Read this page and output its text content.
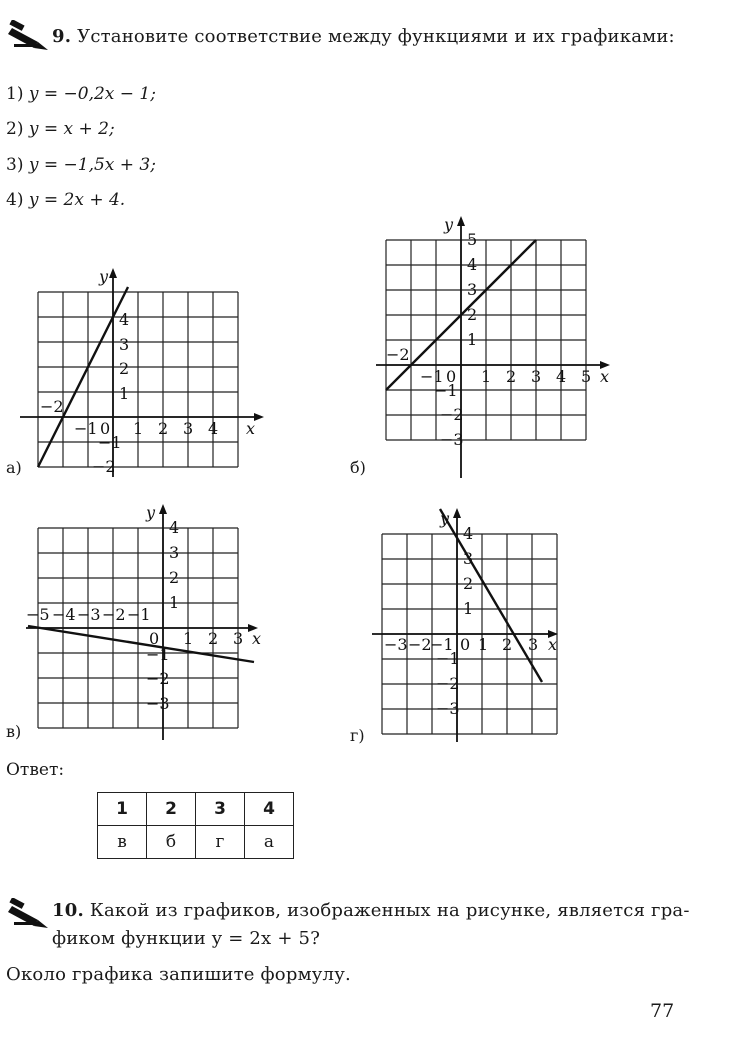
9. Установите соответствие между функциями и их графиками:
1) y = −0,2x − 1;
2) y = x + 2;
3) y = −1,5x + 3;
4) y = 2x + 4.
y
x
−1 0 1 2 3 4
4
3
2
1
−1
−2
−2
а)
y
x
−1 0 1 2 3 4 5
5
4
3
2
1
−1
−2
−3
−2
б)
y
x
−5 −4 −3 −2 −1
0 1 2 3
4
3
2
1
−1
−2
−3
в)
y
x
−3 −2
−1 0 1 2 3
4
3
2
1
−1
−2
−3
г)
Ответ:
1	2	3	4
в	б	г	а
10. Какой из графиков, изображенных на рисунке, является гра-
фиком функции y = 2x + 5?
Около графика запишите формулу.
77
